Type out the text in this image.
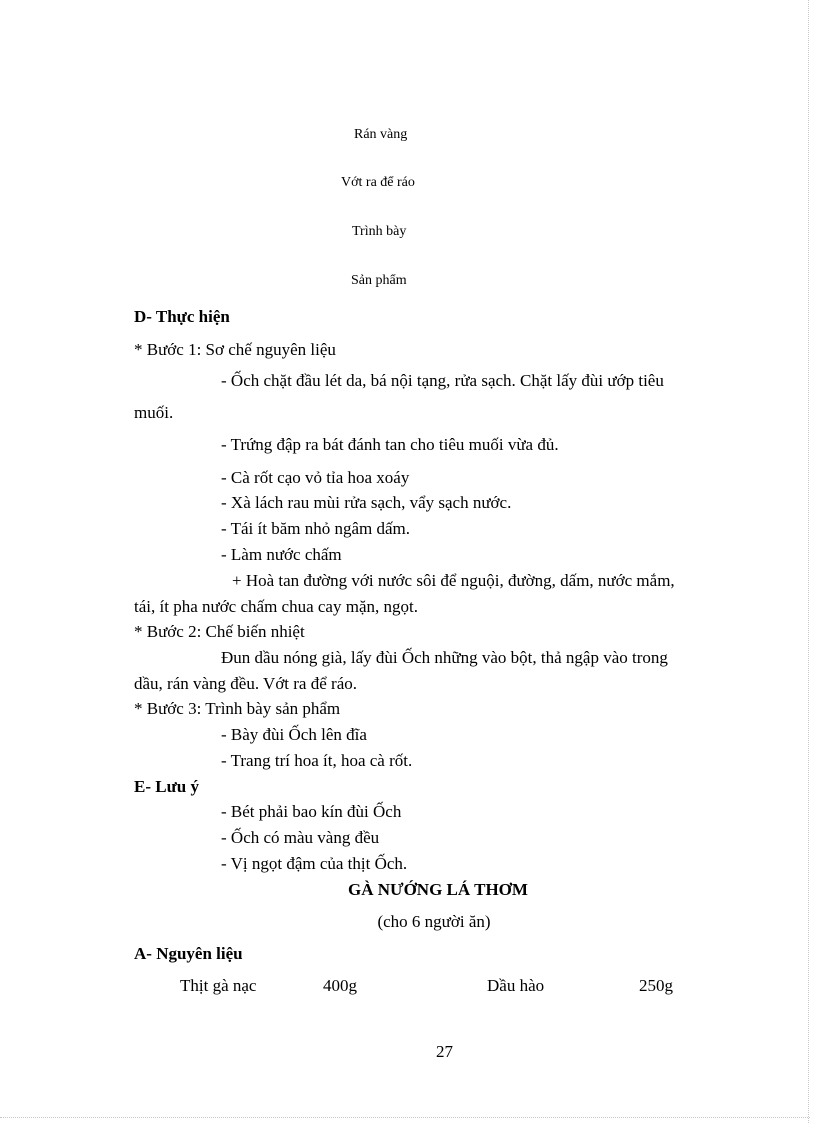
Rán vàng
Vớt ra để ráo
Trình bày
Sản phẩm
D- Thực hiện
* Bước 1: Sơ chế nguyên liệu
- Ốch chặt đầu lét da, bá nội tạng, rửa sạch. Chặt lấy đùi ướp tiêu
muối.
- Trứng đập ra bát đánh tan cho tiêu muối vừa đủ.
- Cà rốt cạo vỏ tỉa hoa xoáy
- Xà lách rau mùi rửa sạch, vẩy sạch nước.
- Tái ít băm nhỏ ngâm dấm.
- Làm nước chấm
+ Hoà tan đường với nước sôi để nguội, đường, dấm, nước mắm,
tái, ít pha nước chấm chua cay mặn, ngọt.
* Bước 2: Chế biến nhiệt
Đun dầu nóng già, lấy đùi Ốch những vào bột, thả ngập vào trong
dầu, rán vàng đều. Vớt ra để ráo.
* Bước 3: Trình bày sản phẩm
- Bày đùi Ốch lên đĩa
- Trang trí hoa ít, hoa cà rốt.
E- Lưu ý
- Bét phải bao kín đùi Ốch
- Ốch có màu vàng đều
- Vị ngọt đậm của thịt Ốch.
GÀ NƯỚNG LÁ THƠM
(cho 6 người ăn)
A- Nguyên liệu
Thịt gà nạc	400g	Dầu hào	250g
27
